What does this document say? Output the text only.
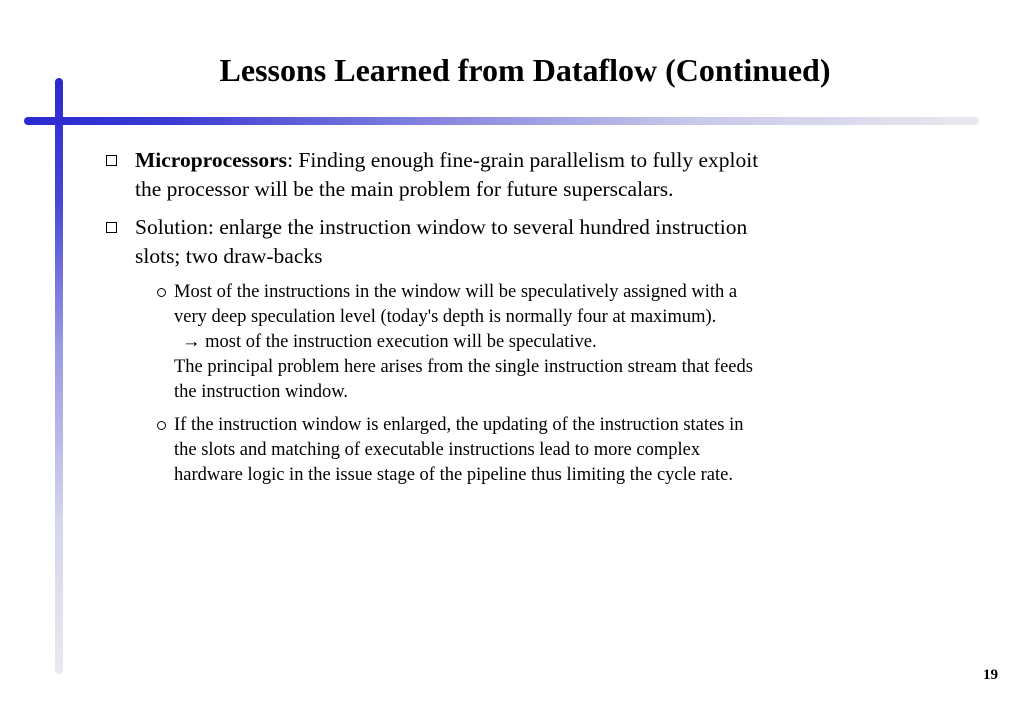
Lessons Learned from Dataflow (Continued)
Microprocessors: Finding enough fine-grain parallelism to fully exploit
the processor will be the main problem for future superscalars.
Solution: enlarge the instruction window to several hundred instruction
slots; two draw-backs
Most of the instructions in the window will be speculatively assigned with a
very deep speculation level (today's depth is normally four at maximum).
→ most of the instruction execution will be speculative.
The principal problem here arises from the single instruction stream that feeds
the instruction window.
If the instruction window is enlarged, the updating of the instruction states in
the slots and matching of executable instructions lead to more complex
hardware logic in the issue stage of the pipeline thus limiting the cycle rate.
19
